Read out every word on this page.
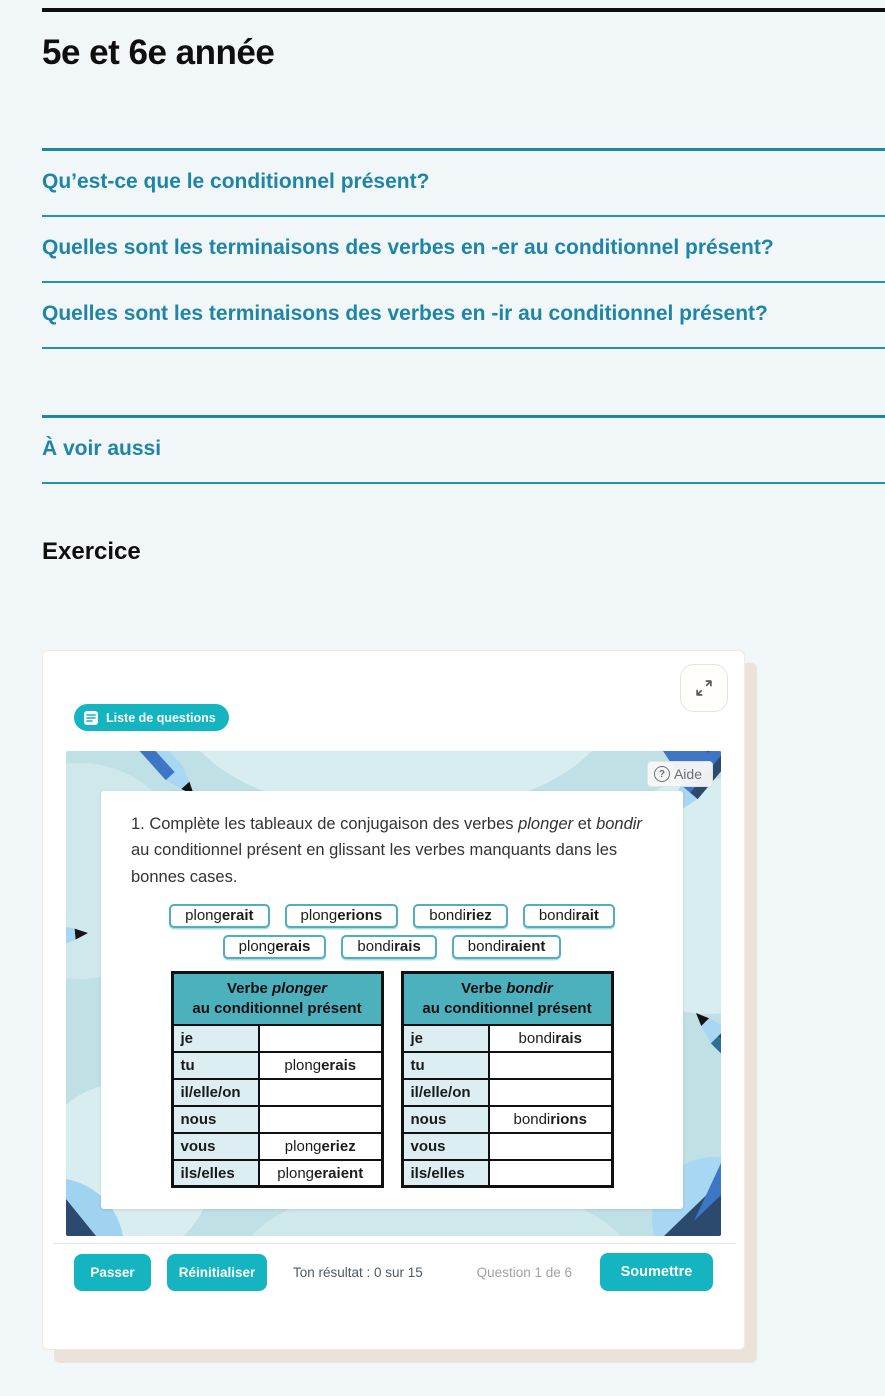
5e et 6e année
Qu’est-ce que le conditionnel présent?
Quelles sont les terminaisons des verbes en -er au conditionnel présent?
Quelles sont les terminaisons des verbes en -ir au conditionnel présent?
À voir aussi
Exercice
Liste de questions
? Aide

1. Complète les tableaux de conjugaison des verbes plonger et bondir au conditionnel présent en glissant les verbes manquants dans les bonnes cases.

plongerait	plongerions	bondiriez	bondirait
plongerais	bondirais	bondiraient
Verbe plonger
au conditionnel présent	

je	
tu	plongerais
il/elle/on	
nous	
vous	plongeriez
ils/elles	plongeraient
Verbe bondir
au conditionnel présent	

je	bondirais
tu	
il/elle/on	
nous	bondirions
vous	
ils/elles	
Passer	Réinitialiser	Ton résultat : 0 sur 15	Question 1 de 6	Soumettre
